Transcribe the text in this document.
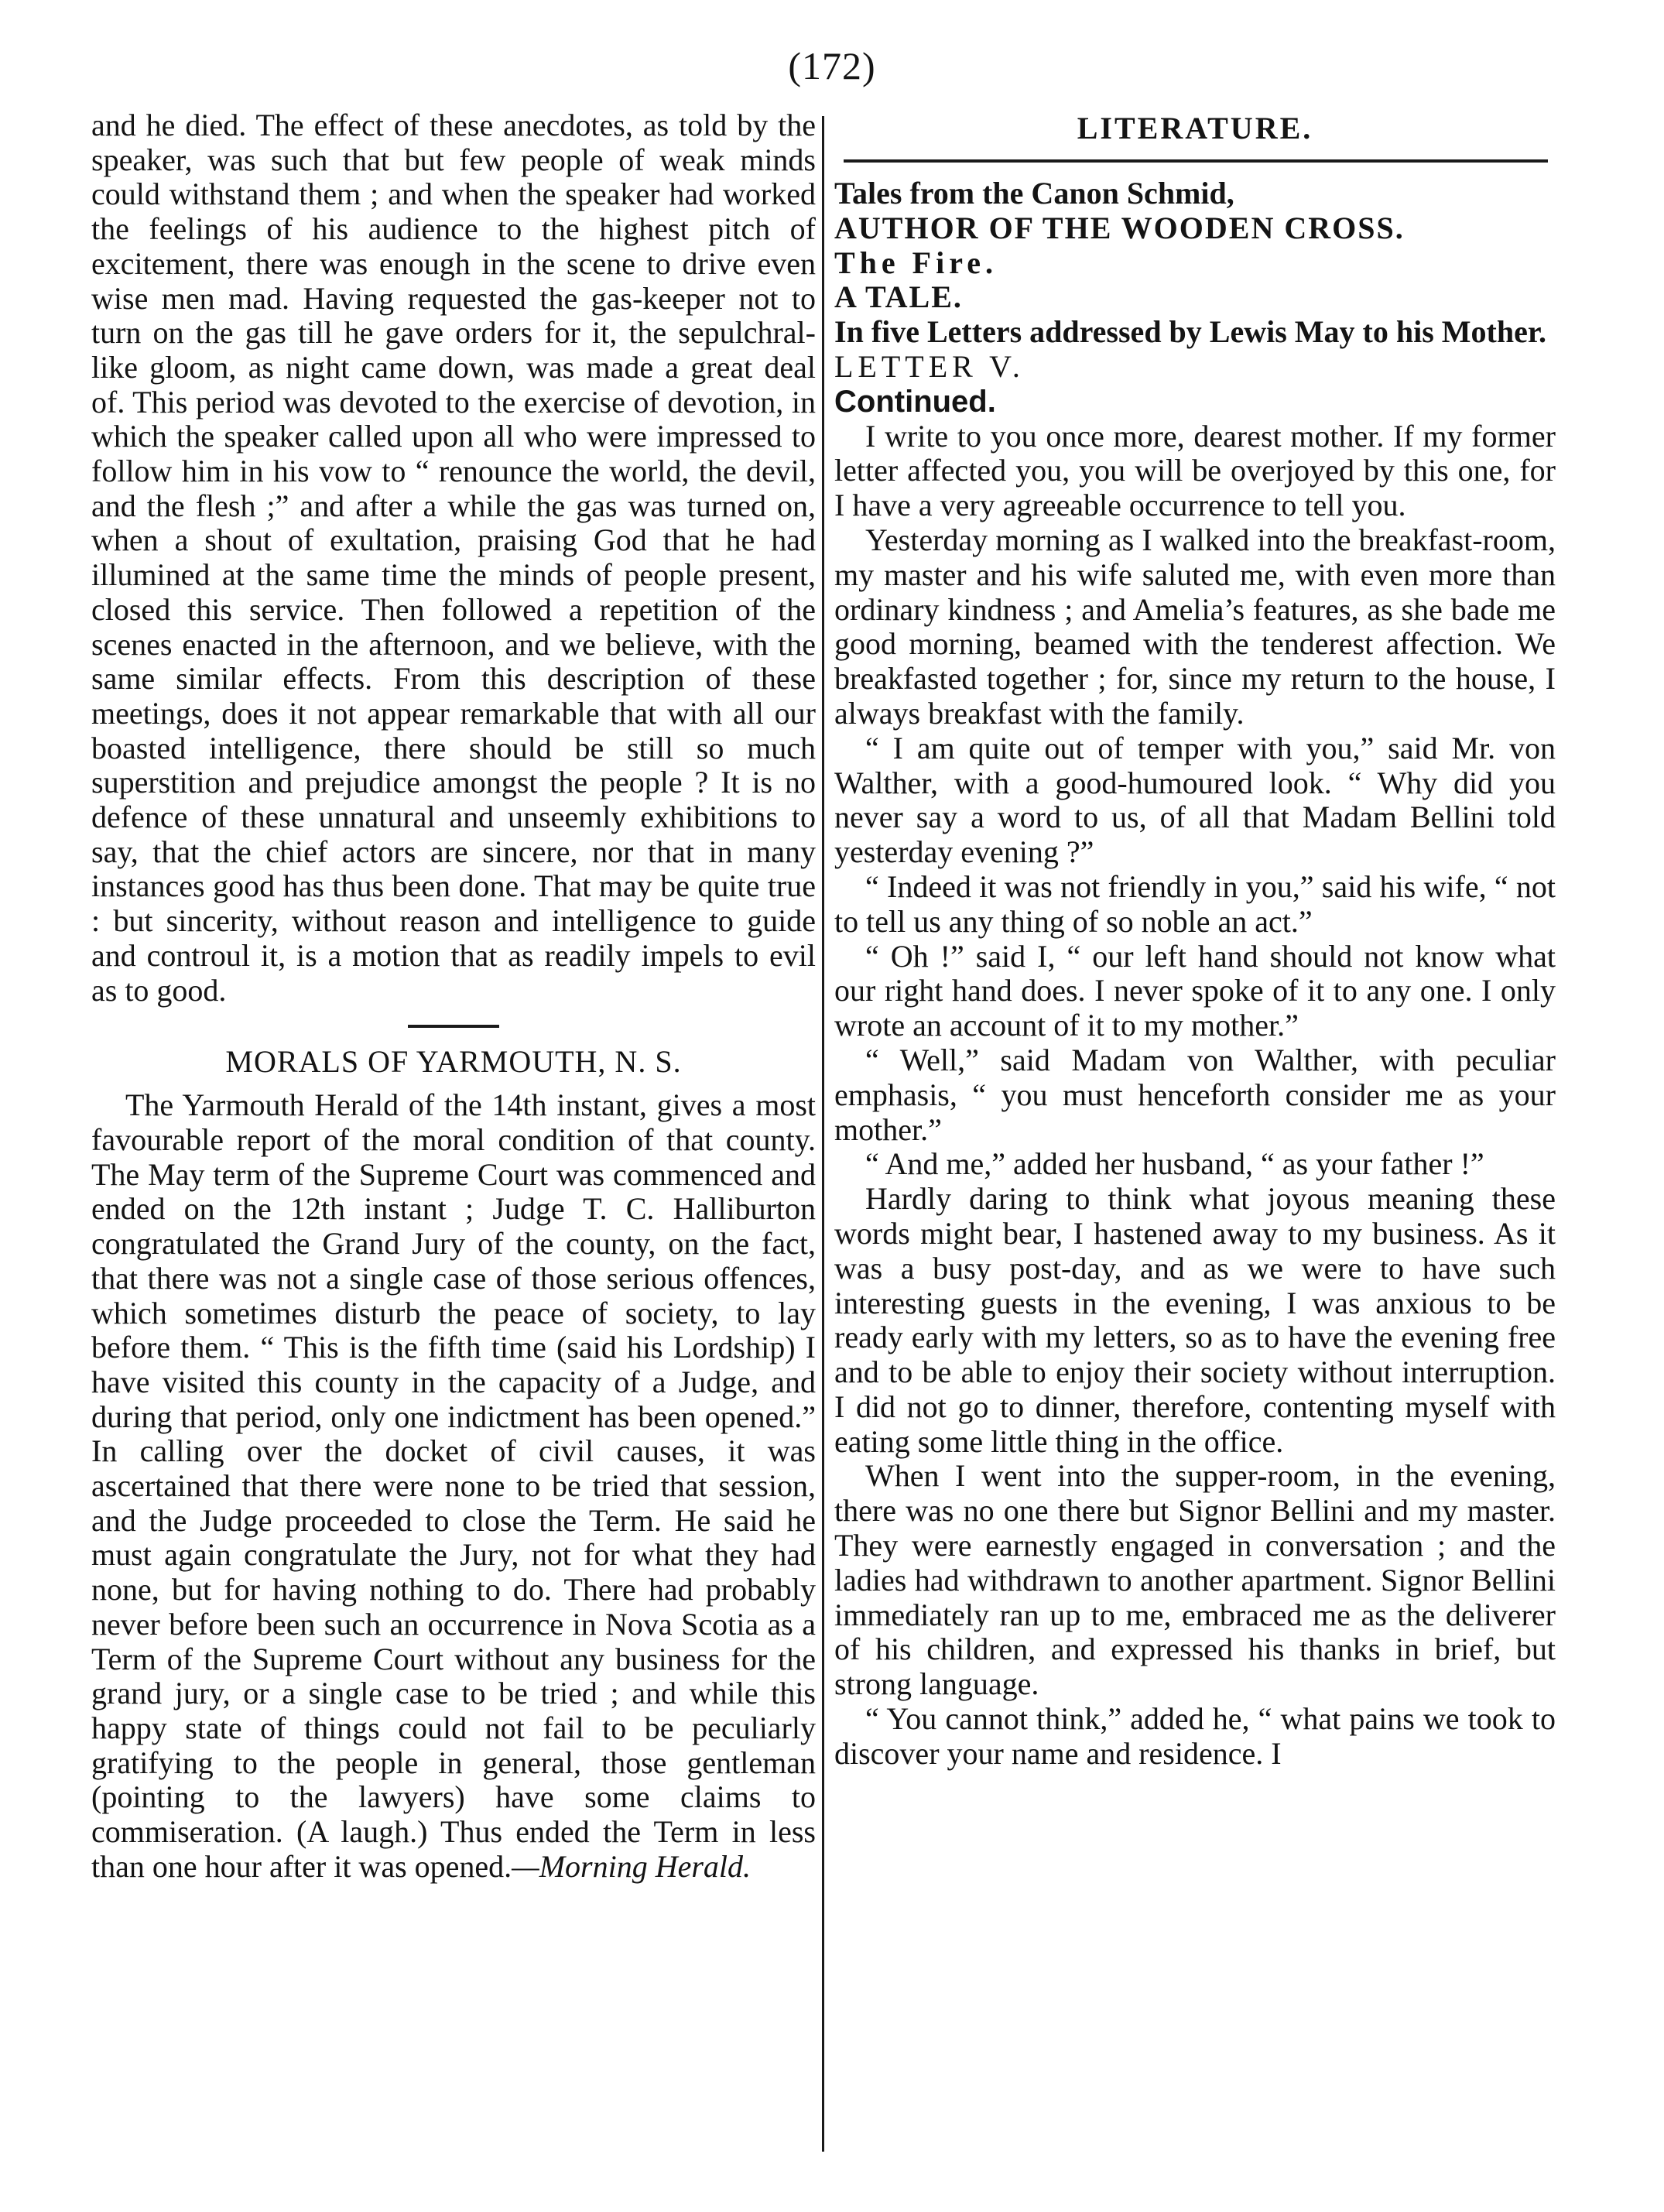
(172)

and he died. The effect of these anecdotes, as told by the speaker, was such that but few people of weak minds could withstand them ; and when the speaker had worked the feelings of his audience to the highest pitch of excitement, there was enough in the scene to drive even wise men mad. Having requested the gas-keeper not to turn on the gas till he gave orders for it, the sepulchral-like gloom, as night came down, was made a great deal of. This period was devoted to the exercise of devotion, in which the speaker called upon all who were impressed to follow him in his vow to “ renounce the world, the devil, and the flesh ;” and after a while the gas was turned on, when a shout of exultation, praising God that he had illumined at the same time the minds of people present, closed this service. Then followed a repetition of the scenes enacted in the afternoon, and we believe, with the same similar effects. From this description of these meetings, does it not appear remarkable that with all our boasted intelligence, there should be still so much superstition and prejudice amongst the people ? It is no defence of these unnatural and unseemly exhibitions to say, that the chief actors are sincere, nor that in many instances good has thus been done. That may be quite true : but sincerity, without reason and intelligence to guide and controul it, is a motion that as readily impels to evil as to good.

MORALS OF YARMOUTH, N. S.

The Yarmouth Herald of the 14th instant, gives a most favourable report of the moral condition of that county. The May term of the Supreme Court was commenced and ended on the 12th instant ; Judge T. C. Halliburton congratulated the Grand Jury of the county, on the fact, that there was not a single case of those serious offences, which sometimes disturb the peace of society, to lay before them. “ This is the fifth time (said his Lordship) I have visited this county in the capacity of a Judge, and during that period, only one indictment has been opened.” In calling over the docket of civil causes, it was ascertained that there were none to be tried that session, and the Judge proceeded to close the Term. He said he must again congratulate the Jury, not for what they had none, but for having nothing to do. There had probably never before been such an occurrence in Nova Scotia as a Term of the Supreme Court without any business for the grand jury, or a single case to be tried ; and while this happy state of things could not fail to be peculiarly gratifying to the people in general, those gentleman (pointing to the lawyers) have some claims to commiseration. (A laugh.) Thus ended the Term in less than one hour after it was opened.—Morning Herald.

LITERATURE.

Tales from the Canon Schmid,

AUTHOR OF THE WOODEN CROSS.

The Fire.

A TALE.

In five Letters addressed by Lewis May to his Mother.

LETTER V.

Continued.

I write to you once more, dearest mother. If my former letter affected you, you will be overjoyed by this one, for I have a very agreeable occurrence to tell you.

Yesterday morning as I walked into the breakfast-room, my master and his wife saluted me, with even more than ordinary kindness ; and Amelia’s features, as she bade me good morning, beamed with the tenderest affection. We breakfasted together ; for, since my return to the house, I always breakfast with the family.

“ I am quite out of temper with you,” said Mr. von Walther, with a good-humoured look. “ Why did you never say a word to us, of all that Madam Bellini told yesterday evening ?”

“ Indeed it was not friendly in you,” said his wife, “ not to tell us any thing of so noble an act.”

“ Oh !” said I, “ our left hand should not know what our right hand does. I never spoke of it to any one. I only wrote an account of it to my mother.”

“ Well,” said Madam von Walther, with peculiar emphasis, “ you must henceforth consider me as your mother.”

“ And me,” added her husband, “ as your father !”

Hardly daring to think what joyous meaning these words might bear, I hastened away to my business. As it was a busy post-day, and as we were to have such interesting guests in the evening, I was anxious to be ready early with my letters, so as to have the evening free and to be able to enjoy their society without interruption. I did not go to dinner, therefore, contenting myself with eating some little thing in the office.

When I went into the supper-room, in the evening, there was no one there but Signor Bellini and my master. They were earnestly engaged in conversation ; and the ladies had withdrawn to another apartment. Signor Bellini immediately ran up to me, embraced me as the deliverer of his children, and expressed his thanks in brief, but strong language.

“ You cannot think,” added he, “ what pains we took to discover your name and residence. I
